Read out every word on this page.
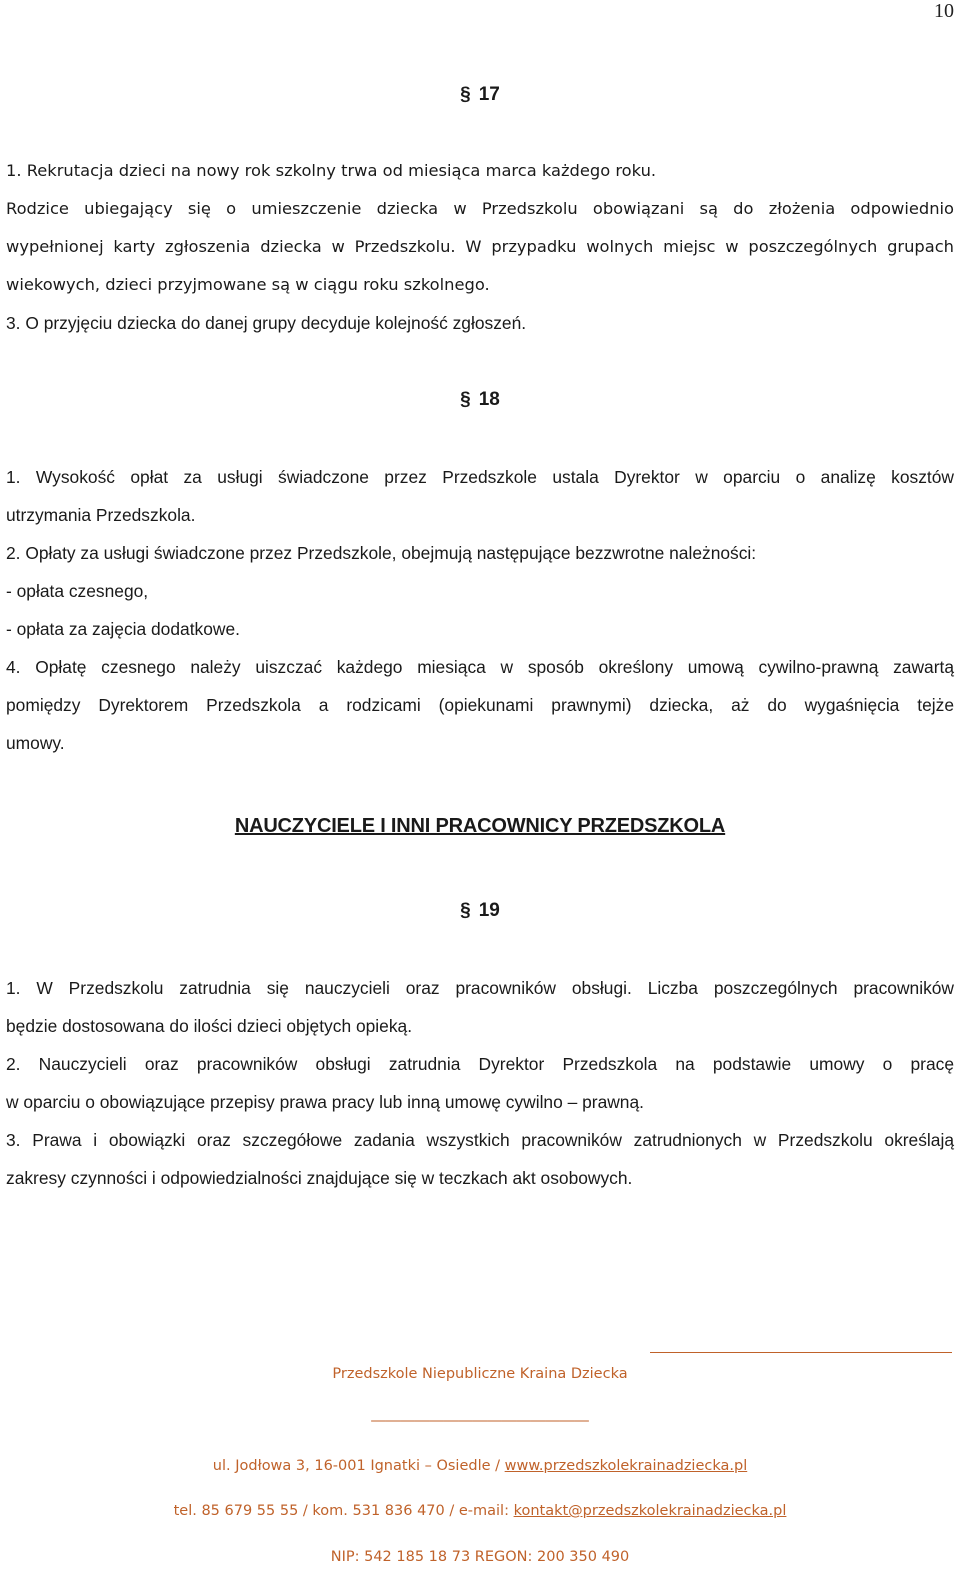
10
§ 17
1. Rekrutacja dzieci na nowy rok szkolny trwa od miesiąca marca każdego roku.
Rodzice ubiegający się o umieszczenie dziecka w Przedszkolu obowiązani są do złożenia odpowiednio
wypełnionej karty zgłoszenia dziecka w Przedszkolu. W przypadku wolnych miejsc w poszczególnych grupach
wiekowych, dzieci przyjmowane są w ciągu roku szkolnego.
3. O przyjęciu dziecka do danej grupy decyduje kolejność zgłoszeń.
§ 18
1. Wysokość opłat za usługi świadczone przez Przedszkole ustala Dyrektor w oparciu o analizę kosztów
utrzymania Przedszkola.
2. Opłaty za usługi świadczone przez Przedszkole, obejmują następujące bezzwrotne należności:
- opłata czesnego,
- opłata za zajęcia dodatkowe.
4. Opłatę czesnego należy uiszczać każdego miesiąca w sposób określony umową cywilno-prawną zawartą
pomiędzy Dyrektorem Przedszkola a rodzicami (opiekunami prawnymi) dziecka, aż do wygaśnięcia tejże
umowy.
NAUCZYCIELE I INNI PRACOWNICY PRZEDSZKOLA
§ 19
1. W Przedszkolu zatrudnia się nauczycieli oraz pracowników obsługi. Liczba poszczególnych pracowników
będzie dostosowana do ilości dzieci objętych opieką.
2. Nauczycieli oraz pracowników obsługi zatrudnia Dyrektor Przedszkola na podstawie umowy o pracę
w oparciu o obowiązujące przepisy prawa pracy lub inną umowę cywilno – prawną.
3. Prawa i obowiązki oraz szczegółowe zadania wszystkich pracowników zatrudnionych w Przedszkolu określają
zakresy czynności i odpowiedzialności znajdujące się w teczkach akt osobowych.
Przedszkole Niepubliczne Kraina Dziecka
______________________________
ul. Jodłowa 3, 16-001 Ignatki – Osiedle / www.przedszkolekrainadziecka.pl
tel. 85 679 55 55 / kom. 531 836 470 / e-mail: kontakt@przedszkolekrainadziecka.pl
NIP: 542 185 18 73 REGON: 200 350 490
